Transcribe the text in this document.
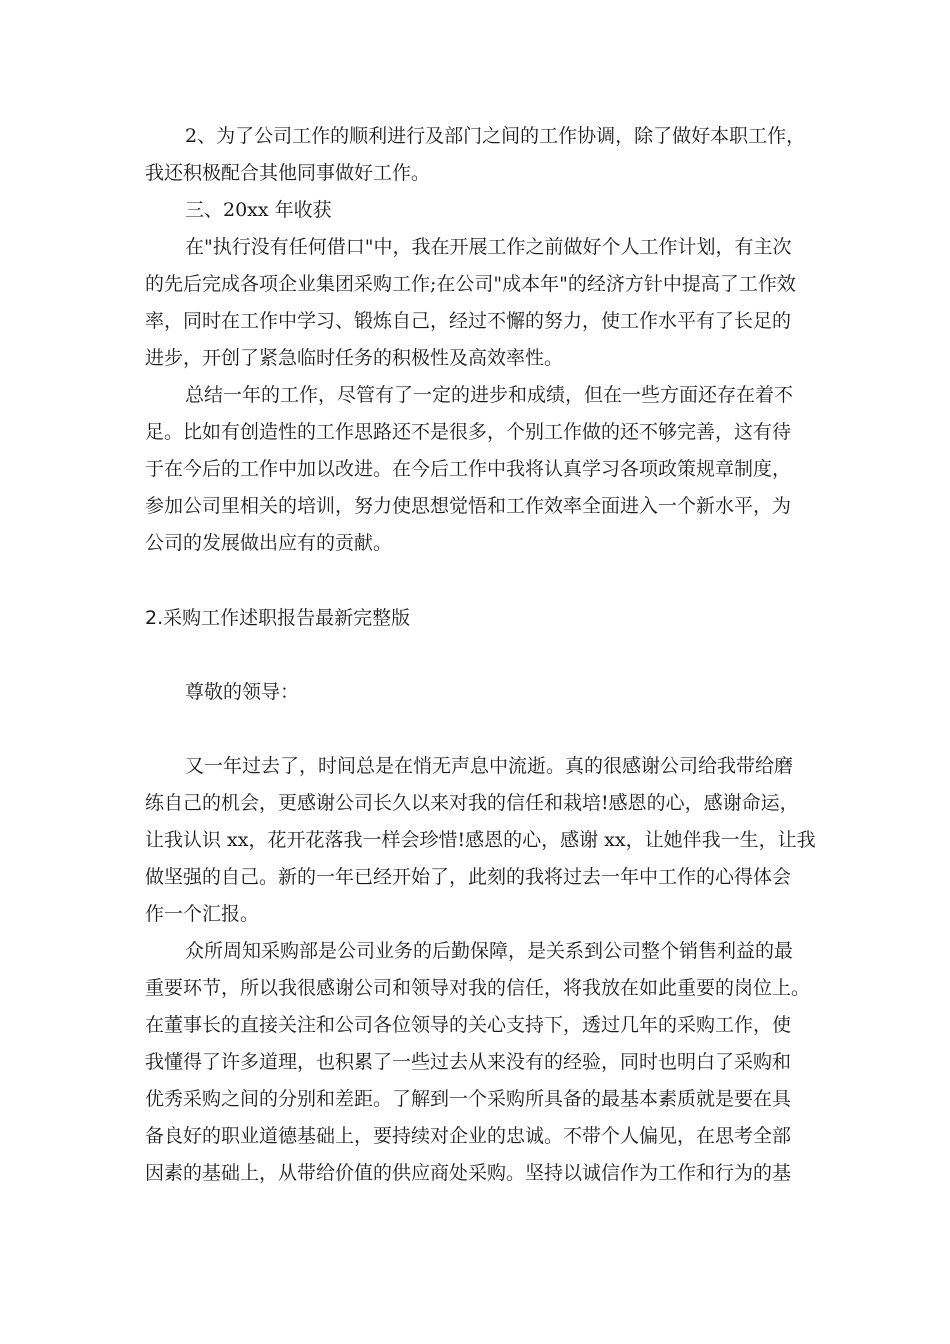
2、为了公司工作的顺利进行及部门之间的工作协调，除了做好本职工作，
我还积极配合其他同事做好工作。
三、20xx 年收获
在"执行没有任何借口"中，我在开展工作之前做好个人工作计划，有主次
的先后完成各项企业集团采购工作;在公司"成本年"的经济方针中提高了工作效
率，同时在工作中学习、锻炼自己，经过不懈的努力，使工作水平有了长足的
进步，开创了紧急临时任务的积极性及高效率性。
总结一年的工作，尽管有了一定的进步和成绩，但在一些方面还存在着不
足。比如有创造性的工作思路还不是很多，个别工作做的还不够完善，这有待
于在今后的工作中加以改进。在今后工作中我将认真学习各项政策规章制度，
参加公司里相关的培训，努力使思想觉悟和工作效率全面进入一个新水平，为
公司的发展做出应有的贡献。
2.采购工作述职报告最新完整版
尊敬的领导：
又一年过去了，时间总是在悄无声息中流逝。真的很感谢公司给我带给磨
练自己的机会，更感谢公司长久以来对我的信任和栽培!感恩的心，感谢命运，
让我认识 xx，花开花落我一样会珍惜!感恩的心，感谢 xx，让她伴我一生，让我
做坚强的自己。新的一年已经开始了，此刻的我将过去一年中工作的心得体会
作一个汇报。
众所周知采购部是公司业务的后勤保障，是关系到公司整个销售利益的最
重要环节，所以我很感谢公司和领导对我的信任，将我放在如此重要的岗位上。
在董事长的直接关注和公司各位领导的关心支持下，透过几年的采购工作，使
我懂得了许多道理，也积累了一些过去从来没有的经验，同时也明白了采购和
优秀采购之间的分别和差距。了解到一个采购所具备的最基本素质就是要在具
备良好的职业道德基础上，要持续对企业的忠诚。不带个人偏见，在思考全部
因素的基础上，从带给价值的供应商处采购。坚持以诚信作为工作和行为的基
